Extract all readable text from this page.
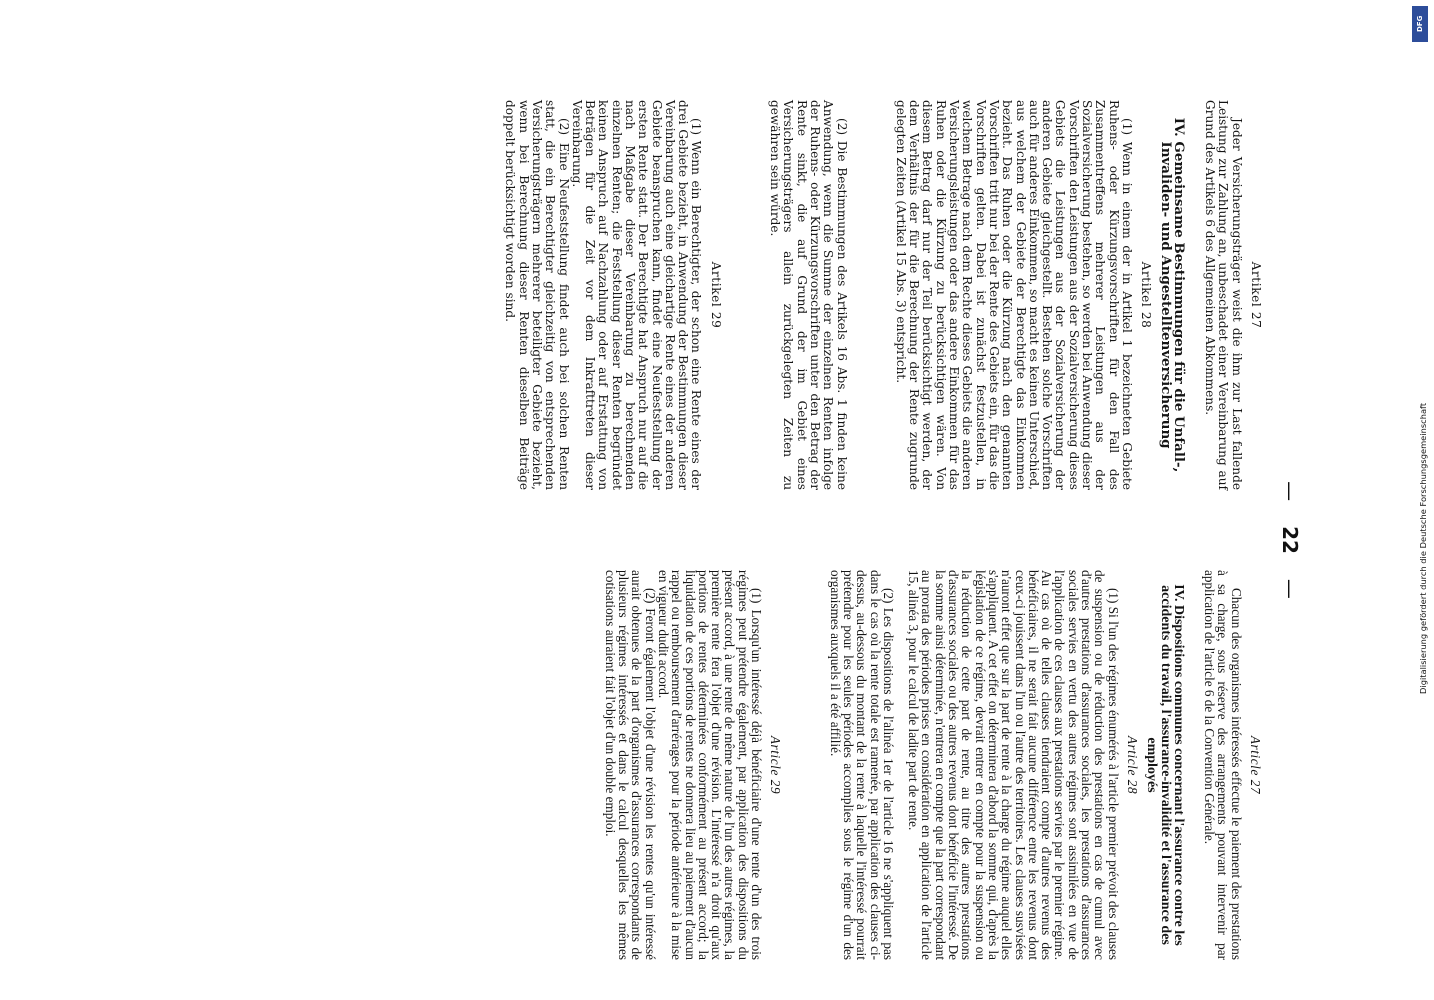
— 22 —
Artikel 27

Jeder Versicherungsträger weist die ihm zur Last fallende Leistung zur Zahlung an, unbeschadet einer Vereinbarung auf Grund des Artikels 6 des Allgemeinen Abkommens.

IV. Gemeinsame Bestimmungen für die Unfall-, Invaliden- und Angestelltenversicherung
Artikel 28

(1) Wenn in einem der in Artikel 1 bezeichneten Gebiete Ruhens- oder Kürzungsvorschriften für den Fall des Zusammentreffens mehrerer Leistungen aus der Sozialversicherung bestehen, so werden bei Anwendung dieser Vorschriften den Leistungen aus der Sozialversicherung dieses Gebiets die Leistungen aus der Sozialversicherung der anderen Gebiete gleichgestellt. Bestehen solche Vorschriften auch für anderes Einkommen, so macht es keinen Unterschied, aus welchem der Gebiete der Berechtigte das Einkommen bezieht. Das Ruhen oder die Kürzung nach den genannten Vorschriften tritt nur bei der Rente des Gebiets ein, für das die Vorschriften gelten. Dabei ist zunächst festzustellen, in welchem Betrage nach dem Rechte dieses Gebiets die anderen Versicherungsleistungen oder das andere Einkommen für das Ruhen oder die Kürzung zu berücksichtigen wären. Von diesem Betrag darf nur der Teil berücksichtigt werden, der dem Verhältnis der für die Berechnung der Rente zugrunde gelegten Zeiten (Artikel 15 Abs. 3) entspricht.

(2) Die Bestimmungen des Artikels 16 Abs. 1 finden keine Anwendung, wenn die Summe der einzelnen Renten infolge der Ruhens- oder Kürzungsvorschriften unter den Betrag der Rente sinkt, die auf Grund der im Gebiet eines Versicherungsträgers allein zurückgelegten Zeiten zu gewähren sein würde.

Artikel 29

(1) Wenn ein Berechtigter, der schon eine Rente eines der drei Gebiete bezieht, in Anwendung der Bestimmungen dieser Vereinbarung auch eine gleichartige Rente eines der anderen Gebiete beanspruchen kann, findet eine Neufeststellung der ersten Rente statt. Der Berechtigte hat Anspruch nur auf die nach Maßgabe dieser Vereinbarung zu berechnenden einzelnen Renten; die Feststellung dieser Renten begründet keinen Anspruch auf Nachzahlung oder auf Erstattung von Beträgen für die Zeit vor dem Inkrafttreten dieser Vereinbarung.

(2) Eine Neufeststellung findet auch bei solchen Renten statt, die ein Berechtigter gleichzeitig von entsprechenden Versicherungsträgern mehrerer beteiligter Gebiete bezieht, wenn bei Berechnung dieser Renten dieselben Beiträge doppelt berücksichtigt worden sind.

Article 27

Chacun des organismes intéressés effectue le paiement des prestations à sa charge, sous réserve des arrangements pouvant intervenir par application de l'article 6 de la Convention Générale.

IV. Dispositions communes concernant l'assurance contre les accidents du travail, l'assurance-invalidité et l'assurance des employés
Article 28

(1) Si l'un des régimes énumérés à l'article premier prévoit des clauses de suspension ou de réduction des prestations en cas de cumul avec d'autres prestations d'assurances sociales, les prestations d'assurances sociales servies en vertu des autres régimes sont assimilées en vue de l'application de ces clauses aux prestations servies par le premier régime. Au cas où de telles clauses tiendraient compte d'autres revenus des bénéficiaires, il ne serait fait aucune différence entre les revenus dont ceux-ci jouissent dans l'un ou l'autre des territoires. Les clauses susvisées n'auront effet que sur la part de rente à la charge du régime auquel elles s'appliquent. A cet effet on déterminera d'abord la somme qui, d'après la législation de ce régime, devrait entrer en compte pour la suspension ou la réduction de cette part de rente, au titre des autres prestations d'assurances sociales ou des autres revenus dont bénéficie l'intéressé. De la somme ainsi déterminée, n'entrera en compte que la part correspondant au prorata des périodes prises en considération en application de l'article 15, alinéa 3, pour le calcul de ladite part de rente.

(2) Les dispositions de l'alinéa 1er de l'article 16 ne s'appliquent pas dans le cas où la rente totale est ramenée, par application des clauses ci-dessus, au-dessous du montant de la rente à laquelle l'intéressé pourrait prétendre pour les seules périodes accomplies sous le régime d'un des organismes auxquels il a été affilié.

Article 29

(1) Lorsqu'un intéressé déjà bénéficiaire d'une rente d'un des trois régimes peut prétendre également, par application des dispositions du présent accord, à une rente de même nature de l'un des autres régimes, la première rente fera l'objet d'une révision. L'intéressé n'a droit qu'aux portions de rentes déterminées conformément au présent accord; la liquidation de ces portions de rentes ne donnera lieu au paiement d'aucun rappel ou remboursement d'arrérages pour la période antérieure à la mise en vigueur dudit accord.

(2) Feront également l'objet d'une révision les rentes qu'un intéressé aurait obtenues de la part d'organismes d'assurances correspondants de plusieurs régimes intéressés et dans le calcul desquelles les mêmes cotisations auraient fait l'objet d'un double emploi.

DFG
Digitalisierung gefördert durch die Deutsche Forschungsgemeinschaft
